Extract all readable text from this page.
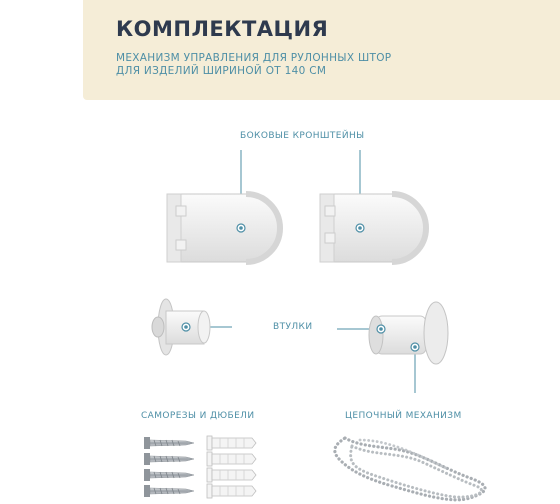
КОМПЛЕКТАЦИЯ
МЕХАНИЗМ УПРАВЛЕНИЯ ДЛЯ РУЛОННЫХ ШТОР
ДЛЯ ИЗДЕЛИЙ ШИРИНОЙ ОТ 140 СМ
БОКОВЫЕ КРОНШТЕЙНЫ
ВТУЛКИ
САМОРЕЗЫ И ДЮБЕЛИ	ЦЕПОЧНЫЙ МЕХАНИЗМ
